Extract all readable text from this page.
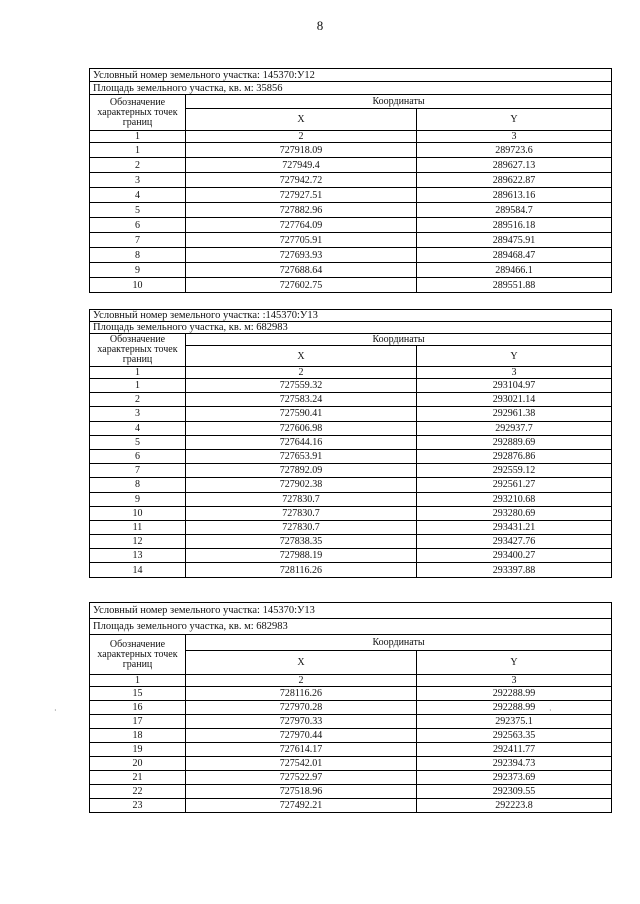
8
·	·
Условный номер земельного участка: 145370:У12		
Площадь земельного участка, кв. м: 35856		
Обозначение характерных точек границ	Координаты	
	X	Y
1	2	3
1	727918.09	289723.6
2	727949.4	289627.13
3	727942.72	289622.87
4	727927.51	289613.16
5	727882.96	289584.7
6	727764.09	289516.18
7	727705.91	289475.91
8	727693.93	289468.47
9	727688.64	289466.1
10	727602.75	289551.88
Условный номер земельного участка: :145370:У13		
Площадь земельного участка, кв. м: 682983		
Обозначение характерных точек границ	Координаты	
	X	Y
1	2	3
1	727559.32	293104.97
2	727583.24	293021.14
3	727590.41	292961.38
4	727606.98	292937.7
5	727644.16	292889.69
6	727653.91	292876.86
7	727892.09	292559.12
8	727902.38	292561.27
9	727830.7	293210.68
10	727830.7	293280.69
11	727830.7	293431.21
12	727838.35	293427.76
13	727988.19	293400.27
14	728116.26	293397.88
Условный номер земельного участка: 145370:У13		
Площадь земельного участка, кв. м: 682983		
Обозначение характерных точек границ	Координаты	
	X	Y
1	2	3
15	728116.26	292288.99
16	727970.28	292288.99
17	727970.33	292375.1
18	727970.44	292563.35
19	727614.17	292411.77
20	727542.01	292394.73
21	727522.97	292373.69
22	727518.96	292309.55
23	727492.21	292223.8
